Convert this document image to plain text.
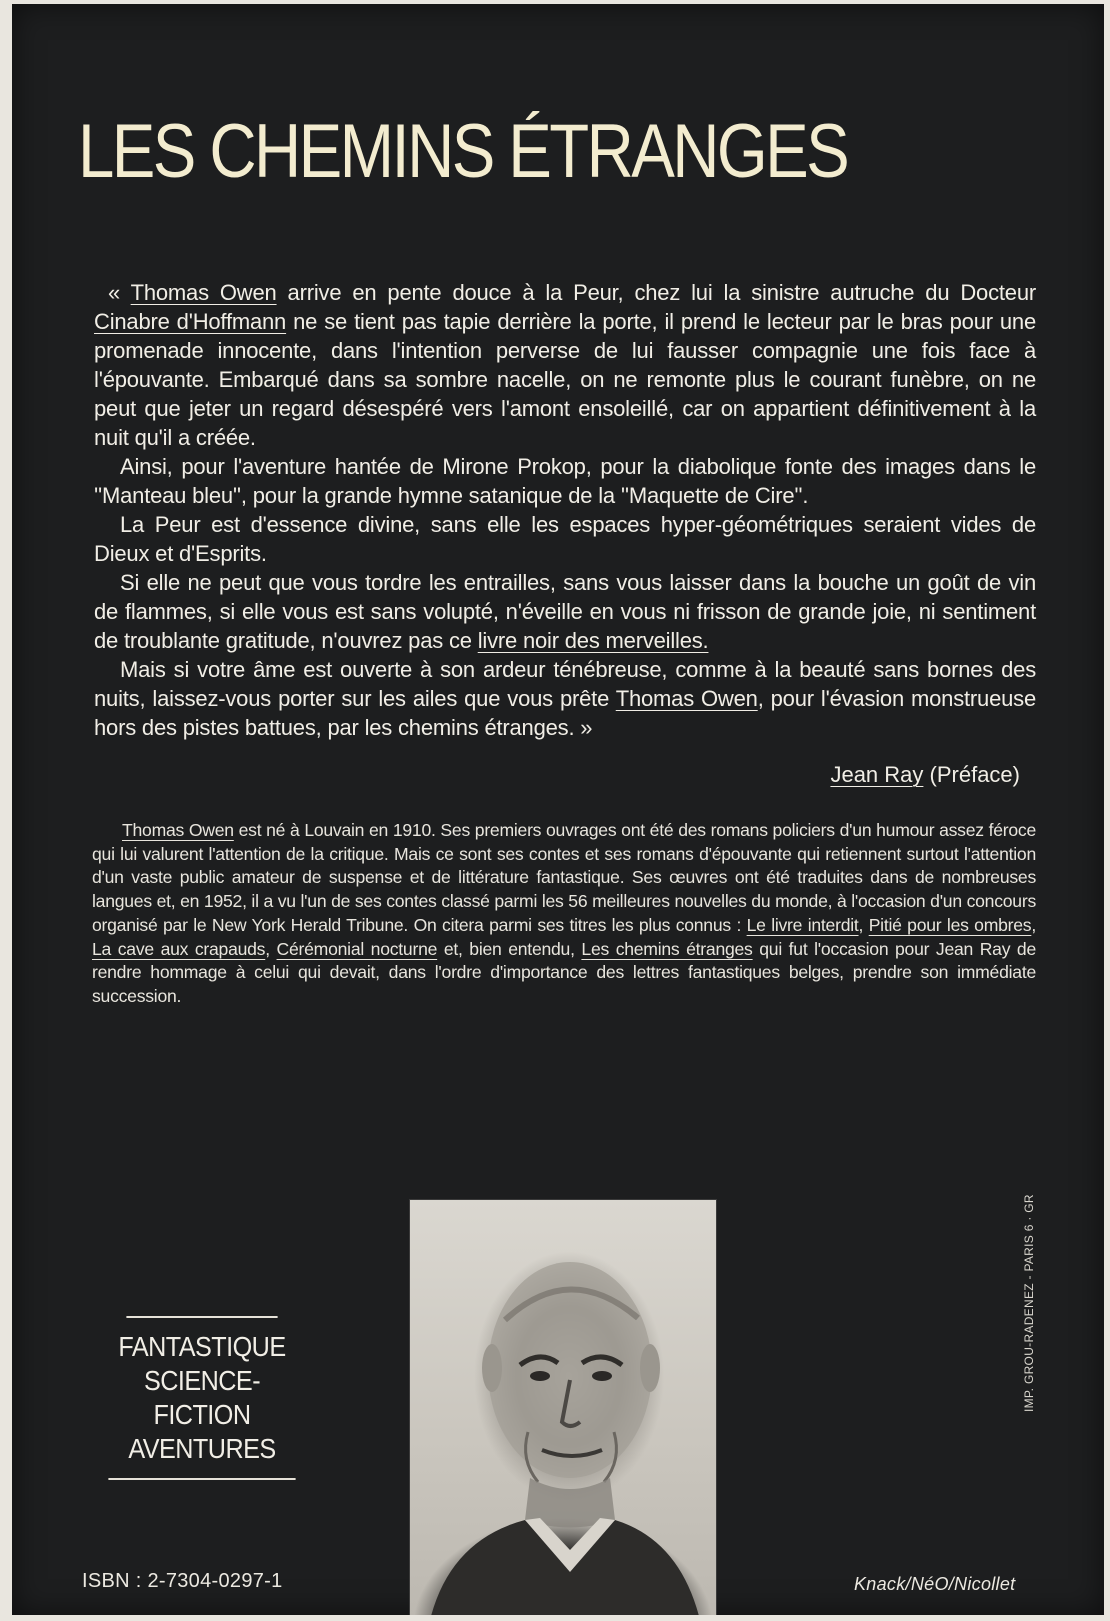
LES CHEMINS ÉTRANGES

« Thomas Owen arrive en pente douce à la Peur, chez lui la sinistre autruche du Docteur Cinabre d'Hoffmann ne se tient pas tapie derrière la porte, il prend le lecteur par le bras pour une promenade innocente, dans l'intention perverse de lui fausser compagnie une fois face à l'épouvante. Embarqué dans sa sombre nacelle, on ne remonte plus le courant funèbre, on ne peut que jeter un regard désespéré vers l'amont ensoleillé, car on appartient définitivement à la nuit qu'il a créée.

Ainsi, pour l'aventure hantée de Mirone Prokop, pour la diabolique fonte des images dans le ''Manteau bleu'', pour la grande hymne satanique de la ''Maquette de Cire''.

La Peur est d'essence divine, sans elle les espaces hyper-géométriques seraient vides de Dieux et d'Esprits.

Si elle ne peut que vous tordre les entrailles, sans vous laisser dans la bouche un goût de vin de flammes, si elle vous est sans volupté, n'éveille en vous ni frisson de grande joie, ni sentiment de troublante gratitude, n'ouvrez pas ce livre noir des merveilles.

Mais si votre âme est ouverte à son ardeur ténébreuse, comme à la beauté sans bornes des nuits, laissez-vous porter sur les ailes que vous prête Thomas Owen, pour l'évasion monstrueuse hors des pistes battues, par les chemins étranges. »

Jean Ray (Préface)

Thomas Owen est né à Louvain en 1910. Ses premiers ouvrages ont été des romans policiers d'un humour assez féroce qui lui valurent l'attention de la critique. Mais ce sont ses contes et ses romans d'épouvante qui retiennent surtout l'attention d'un vaste public amateur de suspense et de littérature fantastique. Ses œuvres ont été traduites dans de nombreuses langues et, en 1952, il a vu l'un de ses contes classé parmi les 56 meilleures nouvelles du monde, à l'occasion d'un concours organisé par le New York Herald Tribune. On citera parmi ses titres les plus connus : Le livre interdit, Pitié pour les ombres, La cave aux crapauds, Cérémonial nocturne et, bien entendu, Les chemins étranges qui fut l'occasion pour Jean Ray de rendre hommage à celui qui devait, dans l'ordre d'importance des lettres fantastiques belges, prendre son immédiate succession.

FANTASTIQUE
SCIENCE-FICTION
AVENTURES
IMP. GROU-RADENEZ - PARIS 6 · GR
ISBN : 2-7304-0297-1	Knack/NéO/Nicollet
